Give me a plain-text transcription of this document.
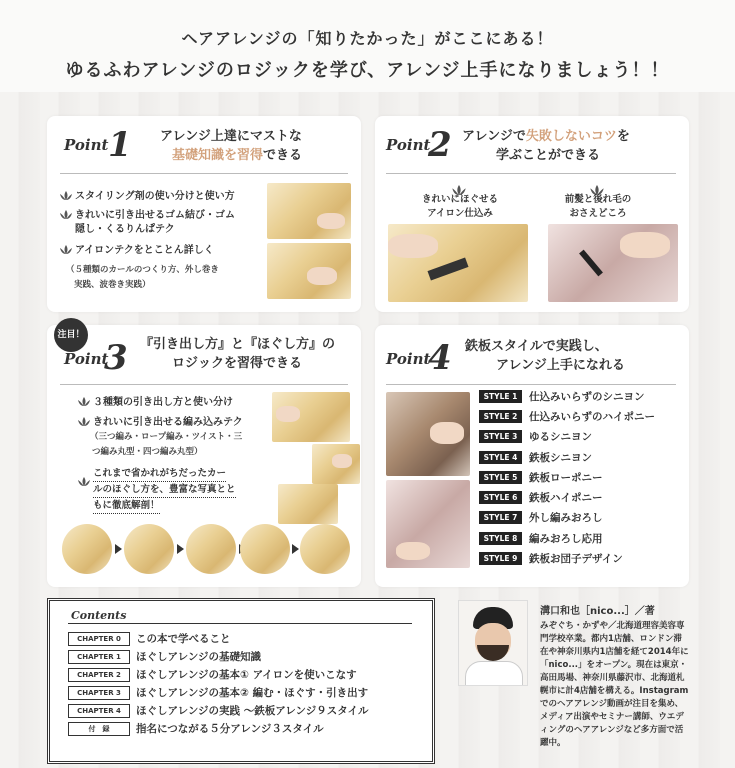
ヘアアレンジの「知りたかった」がここにある！
ゆるふわアレンジのロジックを学び、アレンジ上手になりましょう！！
Point 1 アレンジ上達にマストな
基礎知識を習得できる
スタイリング剤の使い分けと使い方
きれいに引き出せるゴム結び・ゴム
隠し・くるりんぱテク
アイロンテクをとことん詳しく
（５種類のカールのつくり方、外し巻き
実践、波巻き実践）
Point
2 アレンジで失敗しないコツを
学ぶことができる
きれいにほぐせる
アイロン仕込み
前髪と後れ毛の
おさえどころ
注目！
Point
3 『引き出し方』と『ほぐし方』の
ロジックを習得できる
３種類の引き出し方と使い分け
きれいに引き出せる編み込みテク
（三つ編み・ロープ編み・ツイスト・三
つ編み丸型・四つ編み丸型）
これまで省かれがちだったカー
ルのほぐし方を、豊富な写真とと
もに徹底解剖！
Point
4 鉄板スタイルで実践し、
アレンジ上手になれる
STYLE 1	仕込みいらずのシニヨン
STYLE 2	仕込みいらずのハイポニー
STYLE 3	ゆるシニヨン
STYLE 4	鉄板シニヨン
STYLE 5	鉄板ローポニー
STYLE 6	鉄板ハイポニー
STYLE 7	外し編みおろし
STYLE 8	編みおろし応用
STYLE 9	鉄板お団子デザイン
Contents
CHAPTER 0	この本で学べること
CHAPTER 1	ほぐしアレンジの基礎知識
CHAPTER 2	ほぐしアレンジの基本① アイロンを使いこなす
CHAPTER 3	ほぐしアレンジの基本② 編む・ほぐす・引き出す
CHAPTER 4	ほぐしアレンジの実践 〜鉄板アレンジ９スタイル
付　録	指名につながる５分アレンジ３スタイル
溝口和也［nico...］／著
みぞぐち・かずや／北海道理容美容専門学校卒業。都内1店舗、ロンドン滞在や神奈川県内1店舗を経て2014年に「nico...」をオープン。現在は東京・高田馬場、神奈川県藤沢市、北海道札幌市に計4店舗を構える。Instagramでのヘアアレンジ動画が注目を集め、メディア出演やセミナー講師、ウエディングのヘアアレンジなど多方面で活躍中。
